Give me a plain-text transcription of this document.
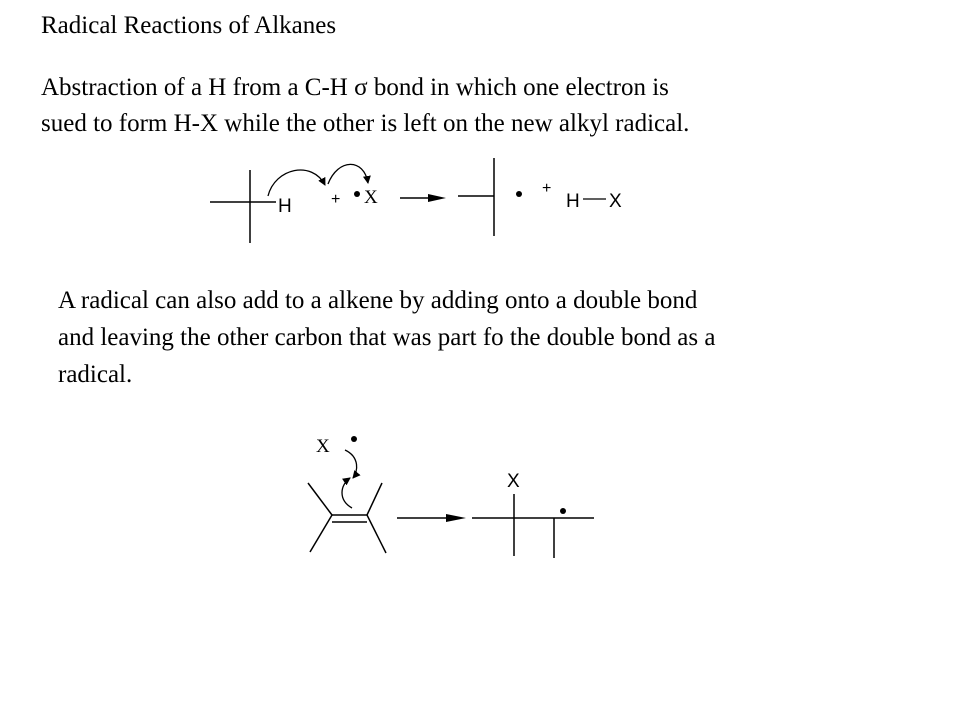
Radical Reactions of Alkanes
Abstraction of a H from a C-H σ bond in which one electron is
sued to form H-X while the other is left on the new alkyl radical.
A radical can also add to a alkene by adding onto a double bond
and leaving the other carbon that was part fo the double bond as a
radical.
H + X	+
H X
X
X
